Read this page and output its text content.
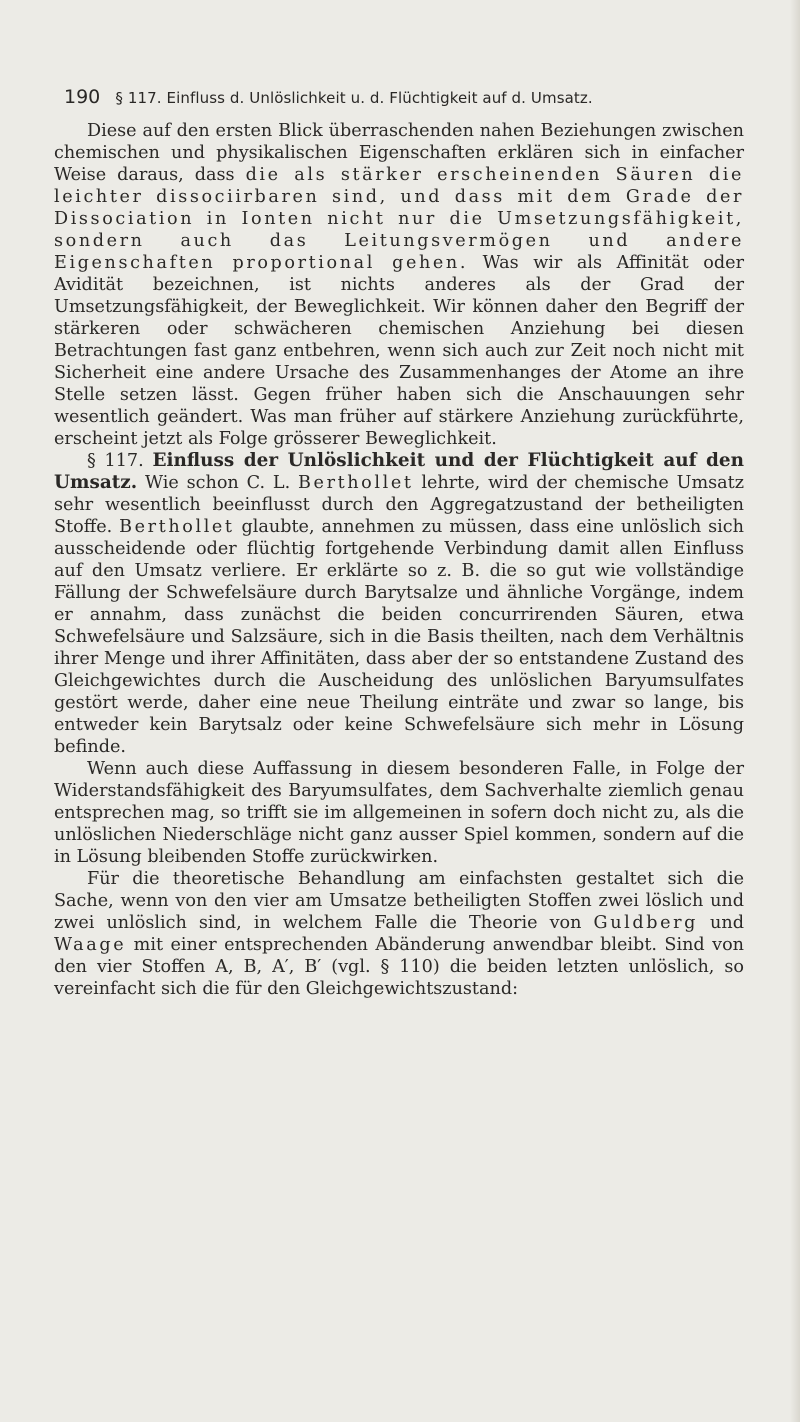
190 § 117. Einfluss d. Unlöslichkeit u. d. Flüchtigkeit auf d. Umsatz.

Diese auf den ersten Blick überraschenden nahen Beziehungen zwischen chemischen und physikalischen Eigenschaften erklären sich in einfacher Weise daraus, dass die als stärker erscheinenden Säuren die leichter dissociirbaren sind, und dass mit dem Grade der Dissociation in Ionten nicht nur die Umsetzungsfähigkeit, sondern auch das Leitungsvermögen und andere Eigenschaften proportional gehen. Was wir als Affinität oder Avidität bezeichnen, ist nichts anderes als der Grad der Umsetzungsfähigkeit, der Beweglichkeit. Wir können daher den Begriff der stärkeren oder schwächeren chemischen Anziehung bei diesen Betrachtungen fast ganz entbehren, wenn sich auch zur Zeit noch nicht mit Sicherheit eine andere Ursache des Zusammenhanges der Atome an ihre Stelle setzen lässt. Gegen früher haben sich die Anschauungen sehr wesentlich geändert. Was man früher auf stärkere Anziehung zurückführte, erscheint jetzt als Folge grösserer Beweglichkeit.

§ 117. Einfluss der Unlöslichkeit und der Flüchtigkeit auf den Umsatz. Wie schon C. L. Berthollet lehrte, wird der chemische Umsatz sehr wesentlich beeinflusst durch den Aggregatzustand der betheiligten Stoffe. Berthollet glaubte, annehmen zu müssen, dass eine unlöslich sich ausscheidende oder flüchtig fortgehende Verbindung damit allen Einfluss auf den Umsatz verliere. Er erklärte so z. B. die so gut wie vollständige Fällung der Schwefelsäure durch Barytsalze und ähnliche Vorgänge, indem er annahm, dass zunächst die beiden concurrirenden Säuren, etwa Schwefelsäure und Salzsäure, sich in die Basis theilten, nach dem Verhältnis ihrer Menge und ihrer Affinitäten, dass aber der so entstandene Zustand des Gleichgewichtes durch die Auscheidung des unlöslichen Baryumsulfates gestört werde, daher eine neue Theilung einträte und zwar so lange, bis entweder kein Barytsalz oder keine Schwefelsäure sich mehr in Lösung befinde.

Wenn auch diese Auffassung in diesem besonderen Falle, in Folge der Widerstandsfähigkeit des Baryumsulfates, dem Sachverhalte ziemlich genau entsprechen mag, so trifft sie im allgemeinen in sofern doch nicht zu, als die unlöslichen Niederschläge nicht ganz ausser Spiel kommen, sondern auf die in Lösung bleibenden Stoffe zurückwirken.

Für die theoretische Behandlung am einfachsten gestaltet sich die Sache, wenn von den vier am Umsatze betheiligten Stoffen zwei löslich und zwei unlöslich sind, in welchem Falle die Theorie von Guldberg und Waage mit einer entsprechenden Abänderung anwendbar bleibt. Sind von den vier Stoffen A, B, A′, B′ (vgl. § 110) die beiden letzten unlöslich, so vereinfacht sich die für den Gleichgewichtszustand:
